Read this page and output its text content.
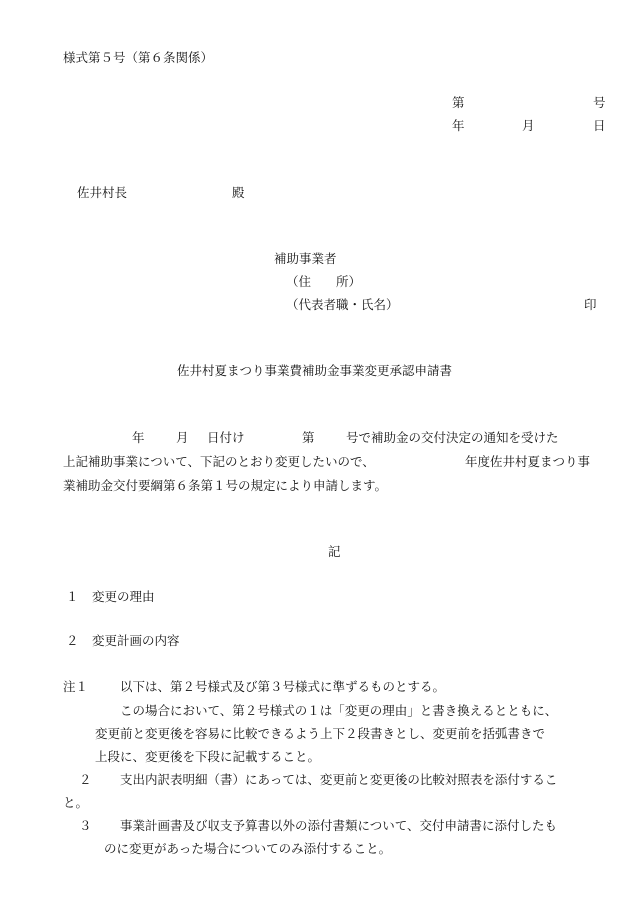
様式第５号（第６条関係）
第	号
年	月	日
佐井村長	殿
補助事業者
（住　　所）
（代表者職・氏名）	印
佐井村夏まつり事業費補助金事業変更承認申請書
年	月 日付け	第	号で補助金の交付決定の通知を受けた
上記補助事業について、下記のとおり変更したいので、	年度佐井村夏まつり事
業補助金交付要綱第６条第１号の規定により申請します。
記
１ 変更の理由
２ 変更計画の内容
注１	以下は、第２号様式及び第３号様式に準ずるものとする。
この場合において、第２号様式の１は「変更の理由」と書き換えるとともに、
変更前と変更後を容易に比較できるよう上下２段書きとし、変更前を括弧書きで
上段に、変更後を下段に記載すること。
２ 支出内訳表明細（書）にあっては、変更前と変更後の比較対照表を添付するこ
と。
３ 事業計画書及び収支予算書以外の添付書類について、交付申請書に添付したも
のに変更があった場合についてのみ添付すること。
